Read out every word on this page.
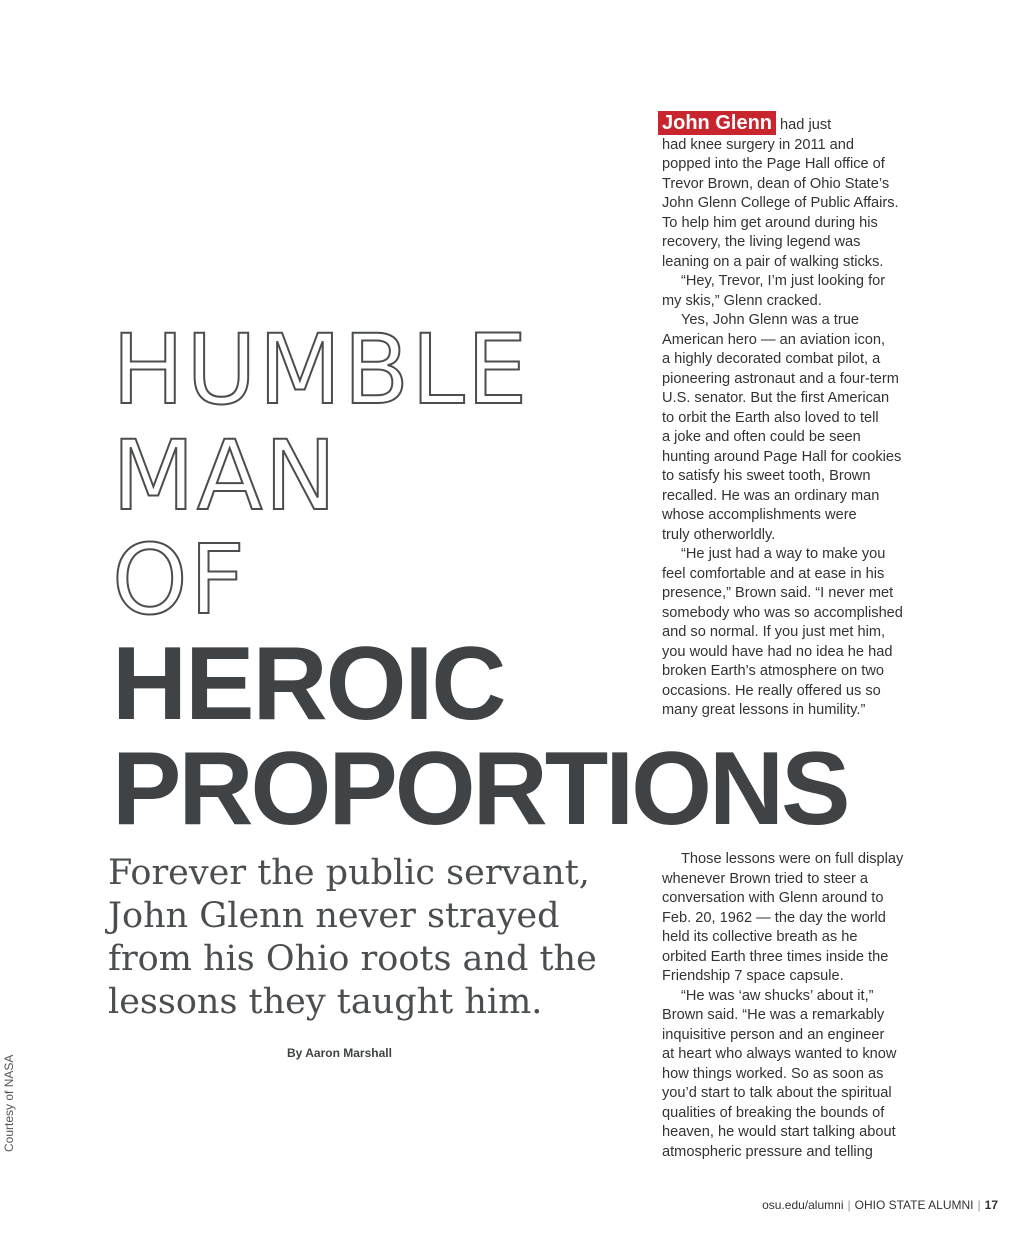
HUMBLE
MAN
OF
HEROIC
PROPORTIONS
Forever the public servant,
John Glenn never strayed
from his Ohio roots and the
lessons they taught him.

By Aaron Marshall

Courtesy of NASA

John Glenn had just
had knee surgery in 2011 and
popped into the Page Hall office of
Trevor Brown, dean of Ohio State’s
John Glenn College of Public Affairs.
To help him get around during his
recovery, the living legend was
leaning on a pair of walking sticks.
“Hey, Trevor, I’m just looking for
my skis,” Glenn cracked.
Yes, John Glenn was a true
American hero — an aviation icon,
a highly decorated combat pilot, a
pioneering astronaut and a four-term
U.S. senator. But the first American
to orbit the Earth also loved to tell
a joke and often could be seen
hunting around Page Hall for cookies
to satisfy his sweet tooth, Brown
recalled. He was an ordinary man
whose accomplishments were
truly otherworldly.
“He just had a way to make you
feel comfortable and at ease in his
presence,” Brown said. “I never met
somebody who was so accomplished
and so normal. If you just met him,
you would have had no idea he had
broken Earth’s atmosphere on two
occasions. He really offered us so
many great lessons in humility.”
Those lessons were on full display
whenever Brown tried to steer a
conversation with Glenn around to
Feb. 20, 1962 — the day the world
held its collective breath as he
orbited Earth three times inside the
Friendship 7 space capsule.
“He was ‘aw shucks’ about it,”
Brown said. “He was a remarkably
inquisitive person and an engineer
at heart who always wanted to know
how things worked. So as soon as
you’d start to talk about the spiritual
qualities of breaking the bounds of
heaven, he would start talking about
atmospheric pressure and telling

osu.edu/alumni | OHIO STATE ALUMNI | 17
